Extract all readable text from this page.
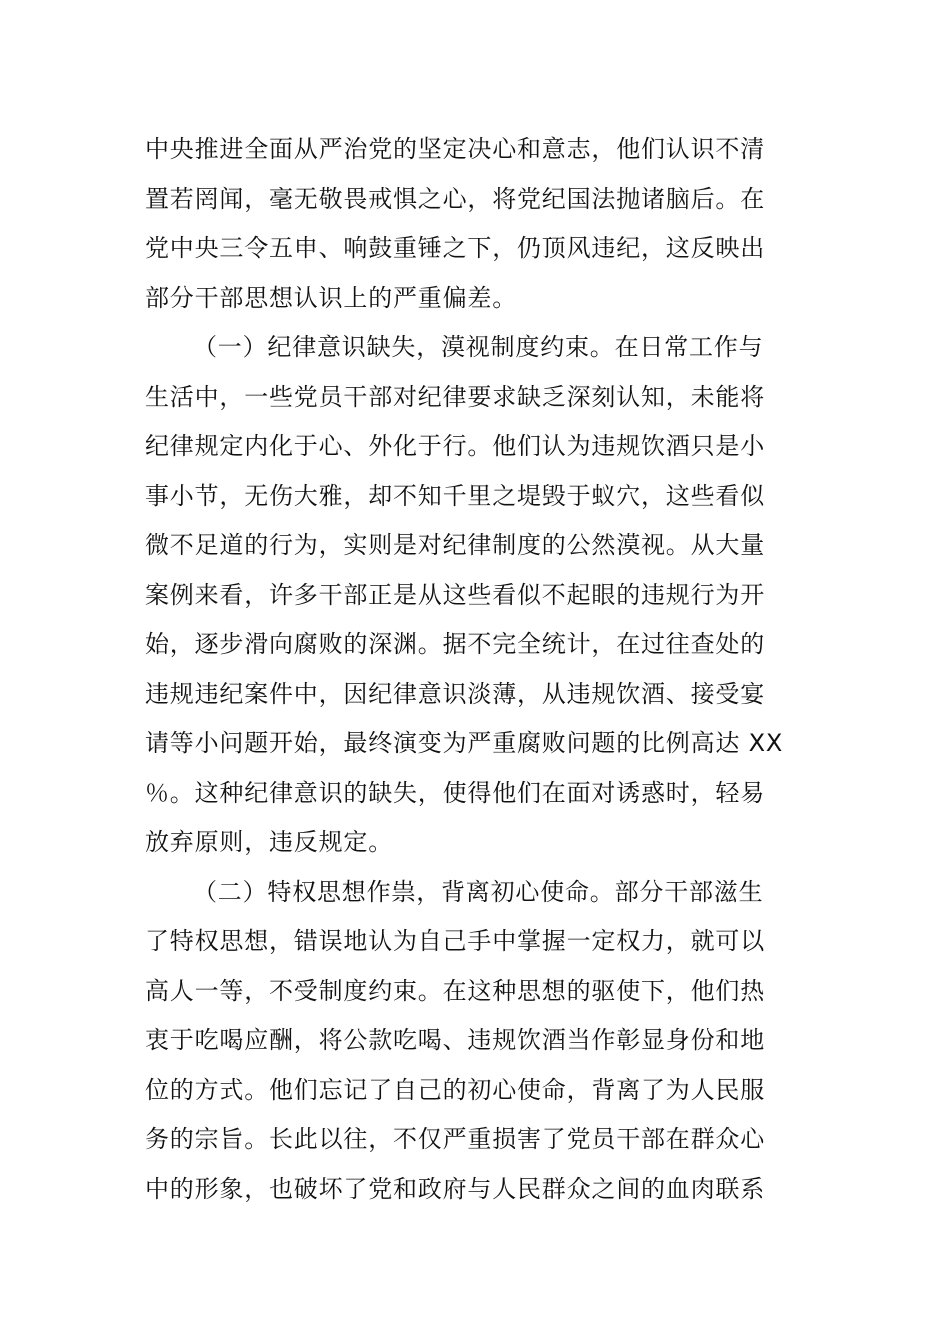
中央推进全面从严治党的坚定决心和意志，他们认识不清
置若罔闻，毫无敬畏戒惧之心，将党纪国法抛诸脑后。在
党中央三令五申、响鼓重锤之下，仍顶风违纪，这反映出
部分干部思想认识上的严重偏差。
（一）纪律意识缺失，漠视制度约束。在日常工作与
生活中，一些党员干部对纪律要求缺乏深刻认知，未能将
纪律规定内化于心、外化于行。他们认为违规饮酒只是小
事小节，无伤大雅，却不知千里之堤毁于蚁穴，这些看似
微不足道的行为，实则是对纪律制度的公然漠视。从大量
案例来看，许多干部正是从这些看似不起眼的违规行为开
始，逐步滑向腐败的深渊。据不完全统计，在过往查处的
违规违纪案件中，因纪律意识淡薄，从违规饮酒、接受宴
请等小问题开始，最终演变为严重腐败问题的比例高达 XX
％。这种纪律意识的缺失，使得他们在面对诱惑时，轻易
放弃原则，违反规定。
（二）特权思想作祟，背离初心使命。部分干部滋生
了特权思想，错误地认为自己手中掌握一定权力，就可以
高人一等，不受制度约束。在这种思想的驱使下，他们热
衷于吃喝应酬，将公款吃喝、违规饮酒当作彰显身份和地
位的方式。他们忘记了自己的初心使命，背离了为人民服
务的宗旨。长此以往，不仅严重损害了党员干部在群众心
中的形象，也破坏了党和政府与人民群众之间的血肉联系
